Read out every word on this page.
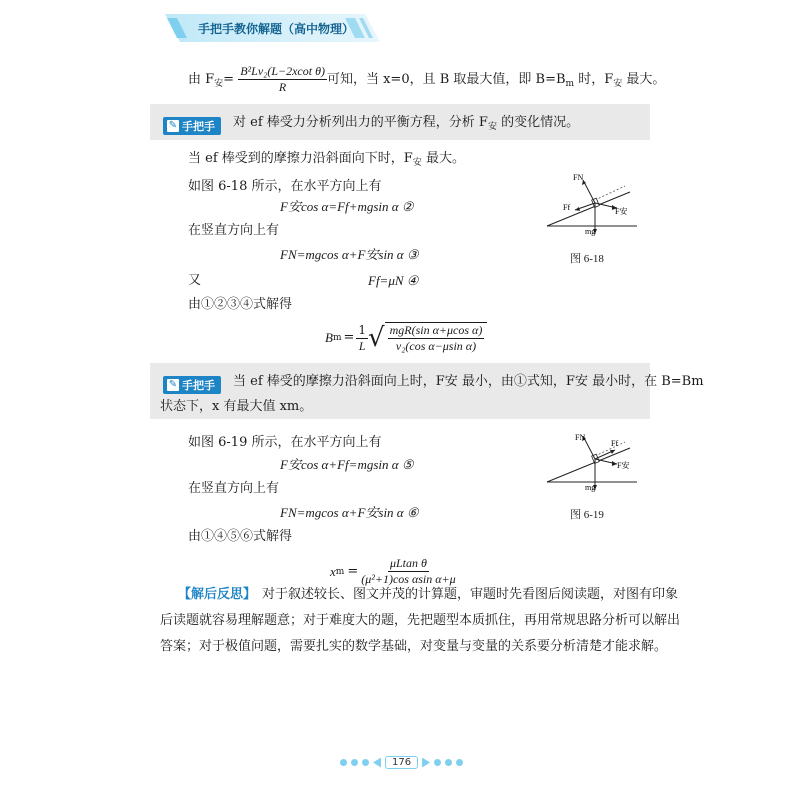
手把手教你解题（高中物理）
由 $F_安= \frac{\text{B²Lv₂(L−2xcot θ)}}{R}$ 可知，当 x=0，且 B 取最大值，即 $B=B_m$ 时，$F_安$ 最大。
✎ 手把手 对 ef 棒受力分析列出力的平衡方程，分析 $F_安$ 的变化情况。
当 ef 棒受到的摩擦力沿斜面向下时，$F_安$ 最大。
如图 6-18 所示，在水平方向上有
F安cos α=Ff+mgsin α ②
在竖直方向上有
FN=mgcos α+F安sin α ③
又	Ff=μN ④
由①②③④式解得
B $m = \frac{1}{L}$ √ $\frac{\text{mgR(sin α+μcos α)}}{\text{v₂(cos α−μsin α)}}$
FN
Ff	F安
mg
图 6-18
✎ 手把手 当 ef 棒受的摩擦力沿斜面向上时，F安 最小，由①式知，F安 最小时，在 B=Bm
状态下，x 有最大值 xm。
如图 6-19 所示，在水平方向上有
F安cos α+Ff=mgsin α ⑤
在竖直方向上有
FN=mgcos α+F安sin α ⑥
由①④⑤⑥式解得
x $m = \frac{\text{μLtan θ}}{\text{(μ²+1)cos αsin α+μ}}$
FN
Ff
F安
mg
图 6-19
【解后反思】 对于叙述较长、图文并茂的计算题，审题时先看图后阅读题，对图有印象
后读题就容易理解题意；对于难度大的题，先把题型本质抓住，再用常规思路分析可以解出
答案；对于极值问题，需要扎实的数学基础，对变量与变量的关系要分析清楚才能求解。
176
